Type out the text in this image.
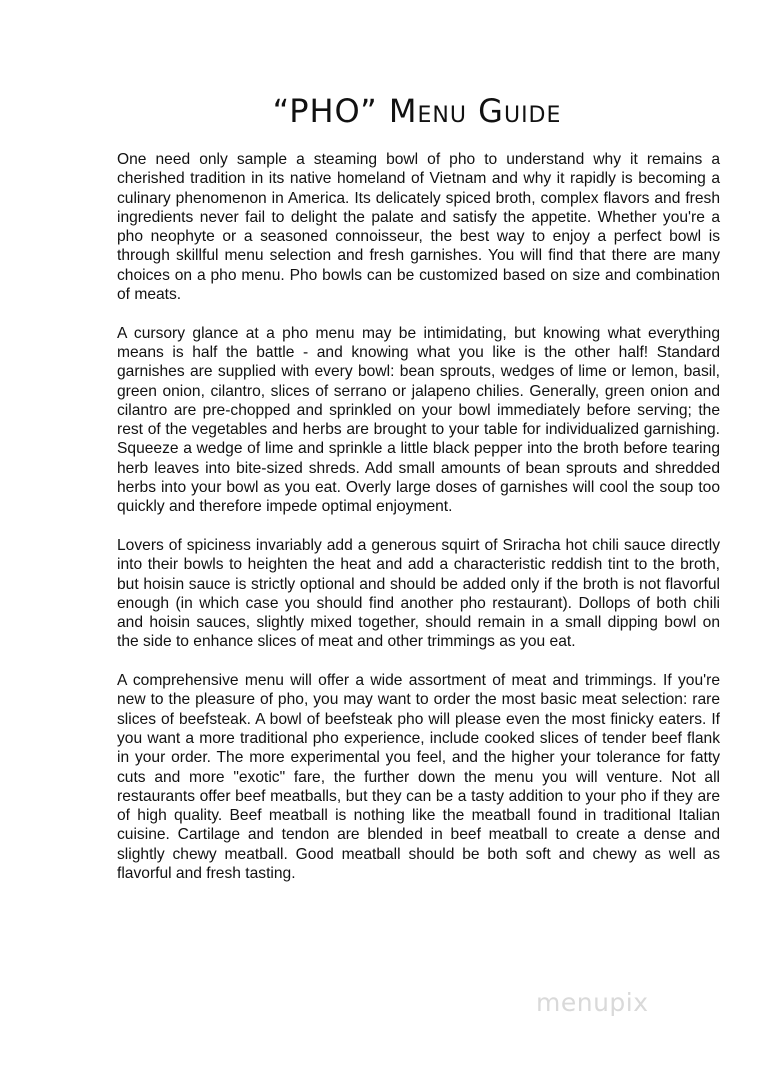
“PHO” Menu Guide

One need only sample a steaming bowl of pho to understand why it remains a cherished tradition in its native homeland of Vietnam and why it rapidly is becoming a culinary phenomenon in America. Its delicately spiced broth, complex flavors and fresh ingredients never fail to delight the palate and satisfy the appetite. Whether you're a pho neophyte or a seasoned connoisseur, the best way to enjoy a perfect bowl is through skillful menu selection and fresh garnishes. You will find that there are many choices on a pho menu. Pho bowls can be customized based on size and combination of meats.

A cursory glance at a pho menu may be intimidating, but knowing what everything means is half the battle - and knowing what you like is the other half! Standard garnishes are supplied with every bowl: bean sprouts, wedges of lime or lemon, basil, green onion, cilantro, slices of serrano or jalapeno chilies. Generally, green onion and cilantro are pre-chopped and sprinkled on your bowl immediately before serving; the rest of the vegetables and herbs are brought to your table for individualized garnishing. Squeeze a wedge of lime and sprinkle a little black pepper into the broth before tearing herb leaves into bite-sized shreds. Add small amounts of bean sprouts and shredded herbs into your bowl as you eat. Overly large doses of garnishes will cool the soup too quickly and therefore impede optimal enjoyment.

Lovers of spiciness invariably add a generous squirt of Sriracha hot chili sauce directly into their bowls to heighten the heat and add a characteristic reddish tint to the broth, but hoisin sauce is strictly optional and should be added only if the broth is not flavorful enough (in which case you should find another pho restaurant). Dollops of both chili and hoisin sauces, slightly mixed together, should remain in a small dipping bowl on the side to enhance slices of meat and other trimmings as you eat.

A comprehensive menu will offer a wide assortment of meat and trimmings. If you're new to the pleasure of pho, you may want to order the most basic meat selection: rare slices of beefsteak. A bowl of beefsteak pho will please even the most finicky eaters. If you want a more traditional pho experience, include cooked slices of tender beef flank in your order. The more experimental you feel, and the higher your tolerance for fatty cuts and more "exotic" fare, the further down the menu you will venture. Not all restaurants offer beef meatballs, but they can be a tasty addition to your pho if they are of high quality. Beef meatball is nothing like the meatball found in traditional Italian cuisine. Cartilage and tendon are blended in beef meatball to create a dense and slightly chewy meatball. Good meatball should be both soft and chewy as well as flavorful and fresh tasting.

menupix
